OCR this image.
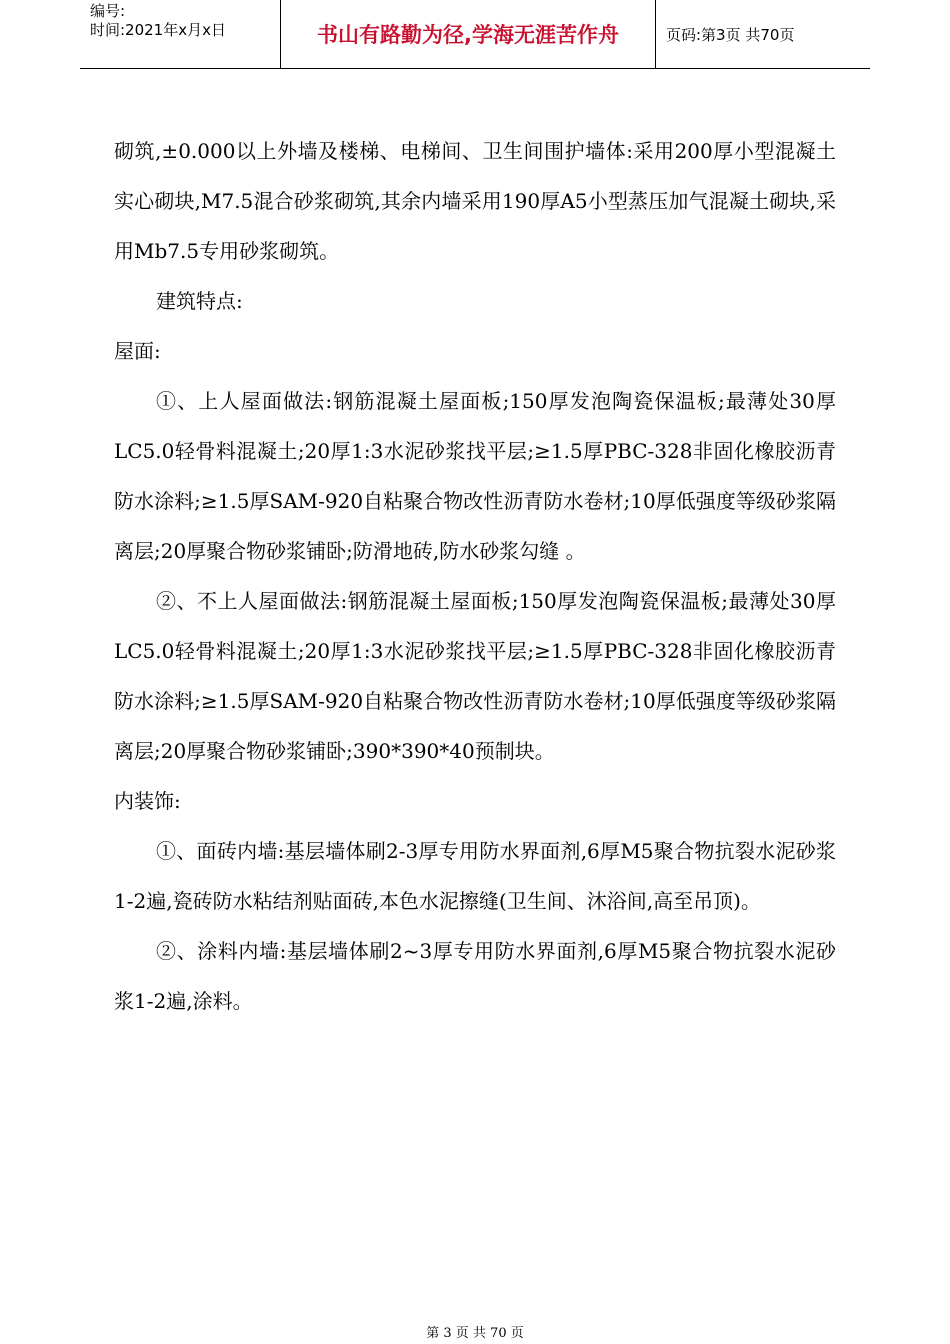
编号:
时间:2021年x月x日	书山有路勤为径,学海无涯苦作舟	页码:第3页 共70页

砌筑,±0.000以上外墙及楼梯、电梯间、卫生间围护墙体:采用200厚小型混凝土实心砌块,M7.5混合砂浆砌筑,其余内墙采用190厚A5小型蒸压加气混凝土砌块,采用Mb7.5专用砂浆砌筑。

建筑特点:

屋面:

①、上人屋面做法:钢筋混凝土屋面板;150厚发泡陶瓷保温板;最薄处30厚LC5.0轻骨料混凝土;20厚1:3水泥砂浆找平层;≥1.5厚PBC-328非固化橡胶沥青防水涂料;≥1.5厚SAM-920自粘聚合物改性沥青防水卷材;10厚低强度等级砂浆隔离层;20厚聚合物砂浆铺卧;防滑地砖,防水砂浆勾缝 。

②、不上人屋面做法:钢筋混凝土屋面板;150厚发泡陶瓷保温板;最薄处30厚LC5.0轻骨料混凝土;20厚1:3水泥砂浆找平层;≥1.5厚PBC-328非固化橡胶沥青防水涂料;≥1.5厚SAM-920自粘聚合物改性沥青防水卷材;10厚低强度等级砂浆隔离层;20厚聚合物砂浆铺卧;390*390*40预制块。

内装饰:

①、面砖内墙:基层墙体刷2-3厚专用防水界面剂,6厚M5聚合物抗裂水泥砂浆1-2遍,瓷砖防水粘结剂贴面砖,本色水泥擦缝(卫生间、沐浴间,高至吊顶)。

②、涂料内墙:基层墙体刷2~3厚专用防水界面剂,6厚M5聚合物抗裂水泥砂浆1-2遍,涂料。

第 3 页 共 70 页
